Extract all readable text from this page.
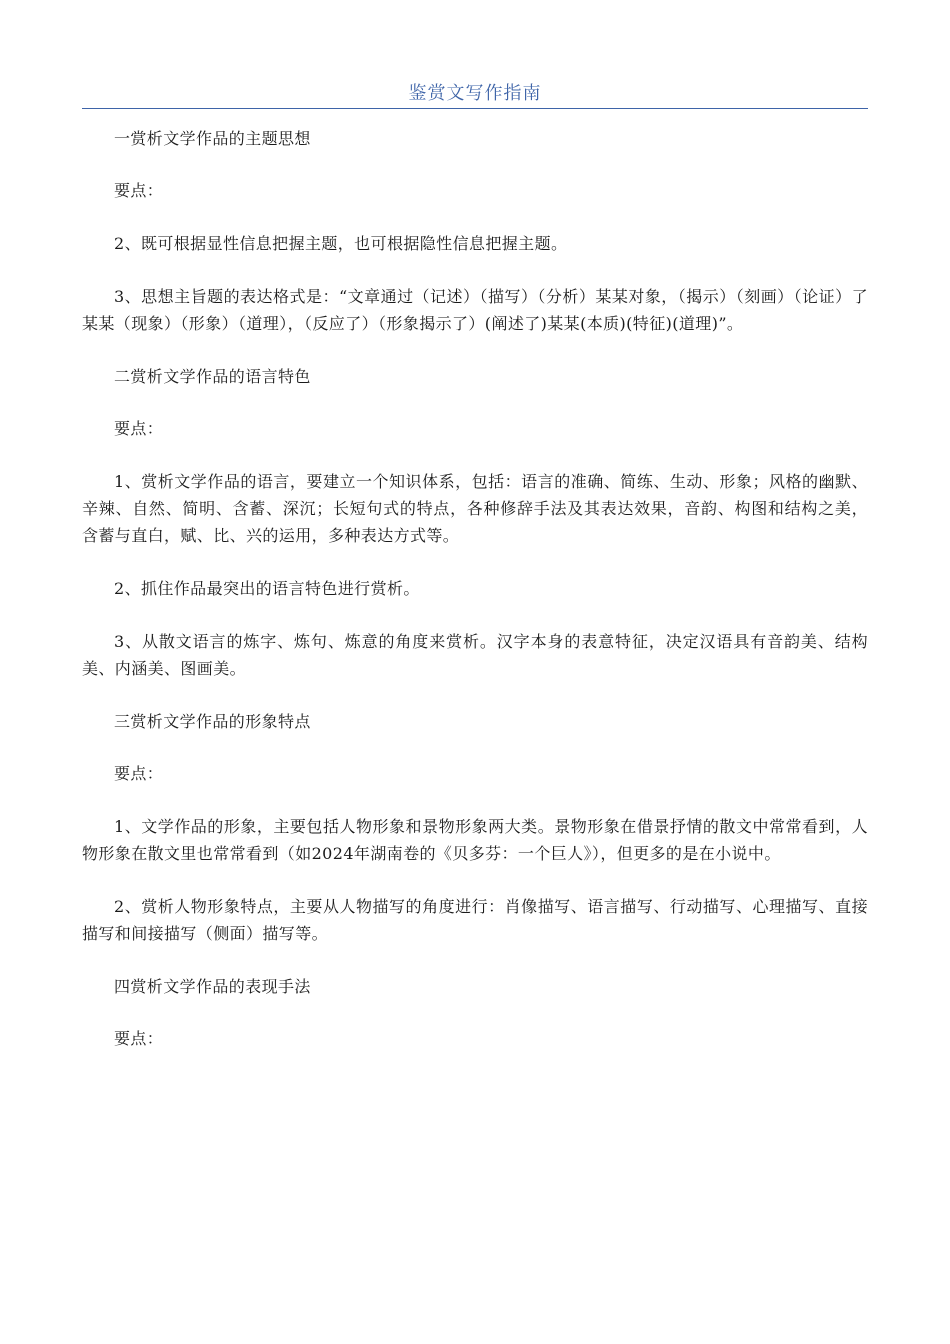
鉴赏文写作指南

一赏析文学作品的主题思想

要点：

2、既可根据显性信息把握主题，也可根据隐性信息把握主题。

3、思想主旨题的表达格式是：“文章通过（记述）（描写）（分析）某某对象，（揭示）（刻画）（论证）了某某（现象）（形象）（道理），（反应了）（形象揭示了）(阐述了)某某(本质)(特征)(道理)”。

二赏析文学作品的语言特色

要点：

1、赏析文学作品的语言，要建立一个知识体系，包括：语言的准确、简练、生动、形象；风格的幽默、辛辣、自然、简明、含蓄、深沉；长短句式的特点，各种修辞手法及其表达效果，音韵、构图和结构之美，含蓄与直白，赋、比、兴的运用，多种表达方式等。

2、抓住作品最突出的语言特色进行赏析。

3、从散文语言的炼字、炼句、炼意的角度来赏析。汉字本身的表意特征，决定汉语具有音韵美、结构美、内涵美、图画美。

三赏析文学作品的形象特点

要点：

1、文学作品的形象，主要包括人物形象和景物形象两大类。景物形象在借景抒情的散文中常常看到，人物形象在散文里也常常看到（如2024年湖南卷的《贝多芬：一个巨人》），但更多的是在小说中。

2、赏析人物形象特点，主要从人物描写的角度进行：肖像描写、语言描写、行动描写、心理描写、直接描写和间接描写（侧面）描写等。

四赏析文学作品的表现手法

要点：
